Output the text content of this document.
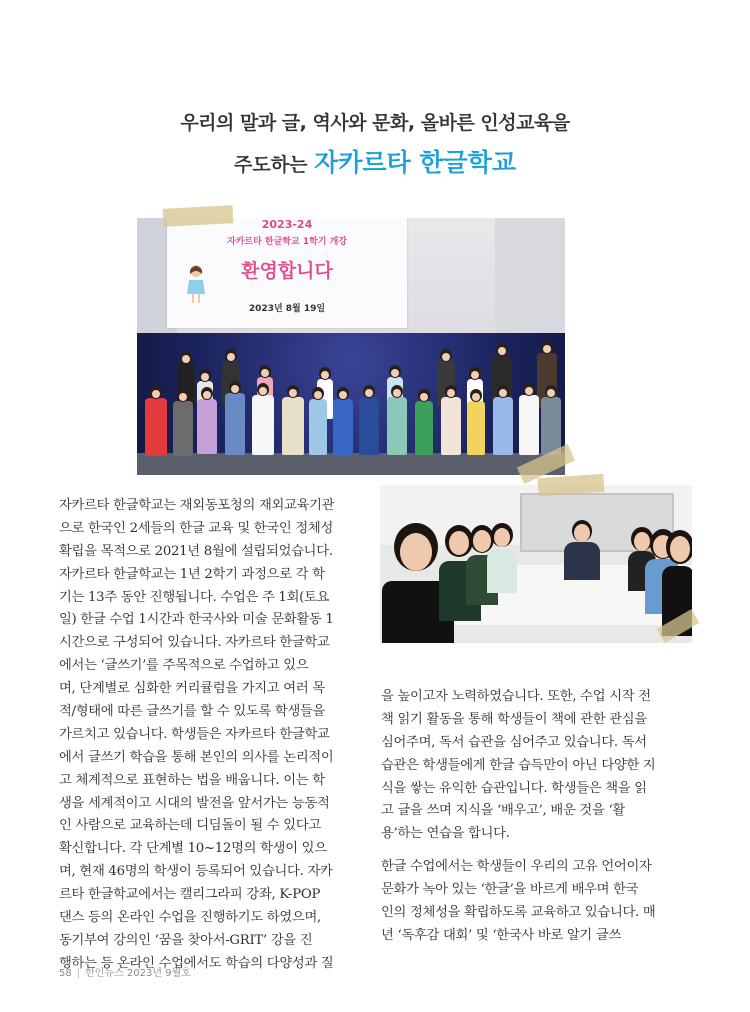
우리의 말과 글, 역사와 문화, 올바른 인성교육을
주도하는 자카르타 한글학교
2023-24
자카르타 한글학교 1학기 개강
환영합니다
2023년 8월 19일
자카르타 한글학교는 재외동포청의 재외교육기관
으로 한국인 2세들의 한글 교육 및 한국인 정체성
확립을 목적으로 2021년 8월에 설립되었습니다.
자카르타 한글학교는 1년 2학기 과정으로 각 학
기는 13주 동안 진행됩니다. 수업은 주 1회(토요
일) 한글 수업 1시간과 한국사와 미술 문화활동 1
시간으로 구성되어 있습니다. 자카르타 한글학교
에서는 ‘글쓰기’를 주목적으로 수업하고 있으
며, 단계별로 심화한 커리큘럼을 가지고 여러 목
적/형태에 따른 글쓰기를 할 수 있도록 학생들을
가르치고 있습니다. 학생들은 자카르타 한글학교
에서 글쓰기 학습을 통해 본인의 의사를 논리적이
고 체계적으로 표현하는 법을 배웁니다. 이는 학
생을 세계적이고 시대의 발전을 앞서가는 능동적
인 사람으로 교육하는데 디딤돌이 될 수 있다고
확신합니다. 각 단계별 10~12명의 학생이 있으
며, 현재 46명의 학생이 등록되어 있습니다. 자카
르타 한글학교에서는 캘리그라피 강좌, K-POP
댄스 등의 온라인 수업을 진행하기도 하였으며,
동기부여 강의인 ‘꿈을 찾아서-GRIT’ 강을 진
행하는 등 온라인 수업에서도 학습의 다양성과 질
을 높이고자 노력하였습니다. 또한, 수업 시작 전
책 읽기 활동을 통해 학생들이 책에 관한 관심을
심어주며, 독서 습관을 심어주고 있습니다. 독서
습관은 학생들에게 한글 습득만이 아닌 다양한 지
식을 쌓는 유익한 습관입니다. 학생들은 책을 읽
고 글을 쓰며 지식을 ‘배우고’, 배운 것을 ‘활
용’하는 연습을 합니다.
한글 수업에서는 학생들이 우리의 고유 언어이자
문화가 녹아 있는 ‘한글’을 바르게 배우며 한국
인의 정체성을 확립하도록 교육하고 있습니다. 매
년 ‘독후감 대회’ 및 ‘한국사 바로 알기 글쓰
58 | 한인뉴스 2023년 9월호
